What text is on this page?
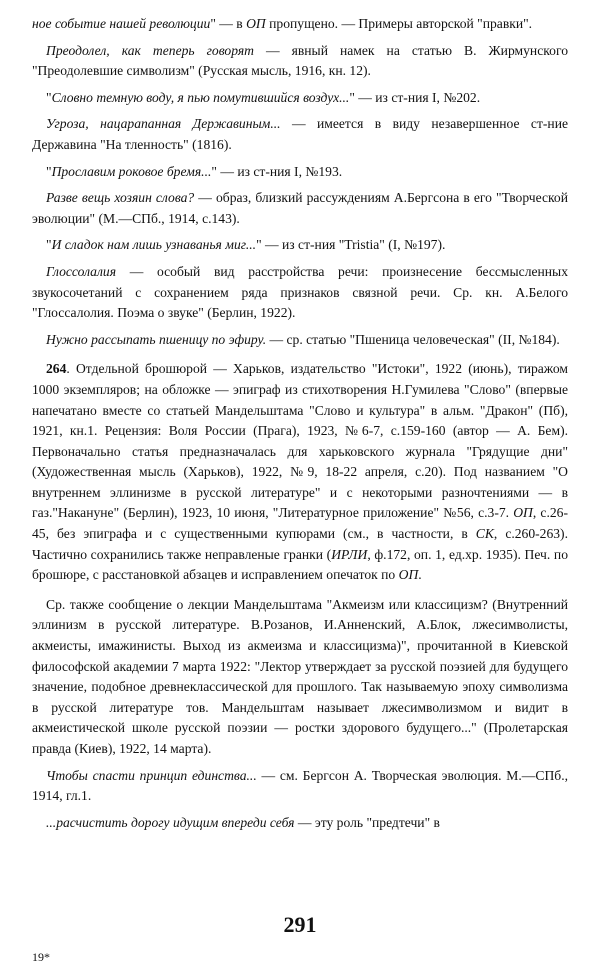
ное событие нашей революции" — в ОП пропущено. — Примеры авторской "правки".

Преодолел, как теперь говорят — явный намек на статью В. Жирмунского "Преодолевшие символизм" (Русская мысль, 1916, кн. 12).

"Словно темную воду, я пью помутившийся воздух..." — из ст-ния I, №202.

Угроза, нацарапанная Державиным... — имеется в виду незавершенное ст-ние Державина "На тленность" (1816).

"Прославим роковое бремя..." — из ст-ния I, №193.

Разве вещь хозяин слова? — образ, близкий рассуждениям А.Бергсона в его "Творческой эволюции" (М.—СПб., 1914, с.143).

"И сладок нам лишь узнаванья миг..." — из ст-ния "Tristia" (I, №197).

Глоссолалия — особый вид расстройства речи: произнесение бессмысленных звукосочетаний с сохранением ряда признаков связной речи. Ср. кн. А.Белого "Глоссалолия. Поэма о звуке" (Берлин, 1922).

Нужно рассыпать пшеницу по эфиру. — ср. статью "Пшеница человеческая" (II, №184).

264. Отдельной брошюрой — Харьков, издательство "Истоки", 1922 (июнь), тиражом 1000 экземпляров; на обложке — эпиграф из стихотворения Н.Гумилева "Слово" (впервые напечатано вместе со статьей Мандельштама "Слово и культура" в альм. "Дракон" (Пб), 1921, кн.1. Рецензия: Воля России (Прага), 1923, №6-7, с.159-160 (автор — А. Бем). Первоначально статья предназначалась для харьковского журнала "Грядущие дни" (Художественная мысль (Харьков), 1922, №9, 18-22 апреля, с.20). Под названием "О внутреннем эллинизме в русской литературе" и с некоторыми разночтениями — в газ."Накануне" (Берлин), 1923, 10 июня, "Литературное приложение" №56, с.3-7. ОП, с.26-45, без эпиграфа и с существенными купюрами (см., в частности, в СК, с.260-263). Частично сохранились также неправленые гранки (ИРЛИ, ф.172, оп. 1, ед.хр. 1935). Печ. по брошюре, с расстановкой абзацев и исправлением опечаток по ОП.

Ср. также сообщение о лекции Мандельштама "Акмеизм или классицизм? (Внутренний эллинизм в русской литературе. В.Розанов, И.Анненский, А.Блок, лжесимволисты, акмеисты, имажинисты. Выход из акмеизма и классицизма)", прочитанной в Киевской философской академии 7 марта 1922: "Лектор утверждает за русской поэзией для будущего значение, подобное древнеклассической для прошлого. Так называемую эпоху символизма в русской литературе тов. Мандельштам называет лжесимволизмом и видит в акмеистической школе русской поэзии — ростки здорового будущего..." (Пролетарская правда (Киев), 1922, 14 марта).

Чтобы спасти принцип единства... — см. Бергсон А. Творческая эволюция. М.—СПб., 1914, гл.1.

...расчистить дорогу идущим впереди себя — эту роль "предтечи" в

291
19*
